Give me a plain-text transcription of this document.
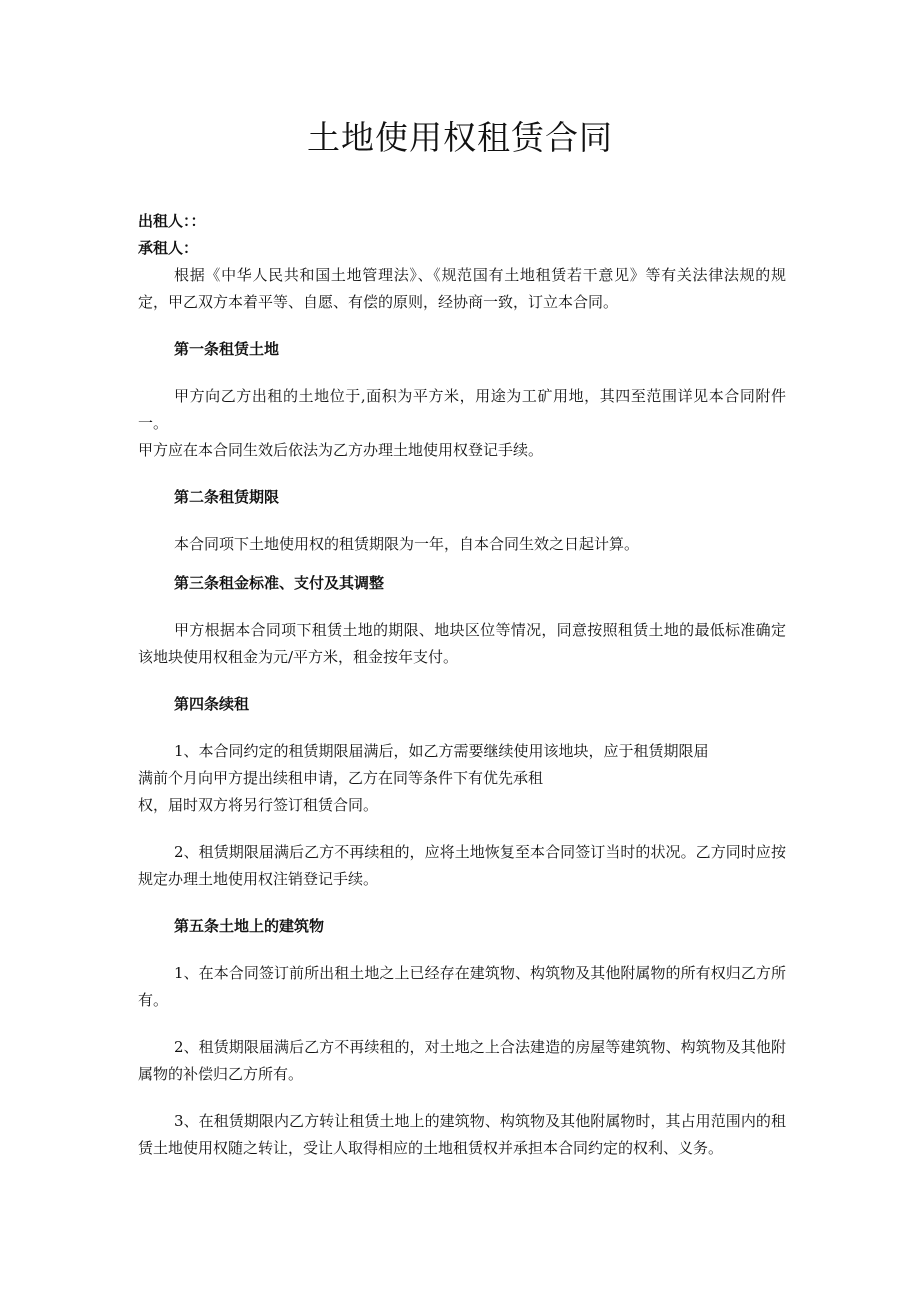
土地使用权租赁合同

出租人：：

承租人：

根据《中华人民共和国土地管理法》、《规范国有土地租赁若干意见》等有关法律法规的规定，甲乙双方本着平等、自愿、有偿的原则，经协商一致，订立本合同。

第一条租赁土地

甲方向乙方出租的土地位于,面积为平方米，用途为工矿用地，其四至范围详见本合同附件一。

甲方应在本合同生效后依法为乙方办理土地使用权登记手续。

第二条租赁期限

本合同项下土地使用权的租赁期限为一年，自本合同生效之日起计算。

第三条租金标准、支付及其调整

甲方根据本合同项下租赁土地的期限、地块区位等情况，同意按照租赁土地的最低标准确定该地块使用权租金为元/平方米，租金按年支付。

第四条续租

1、本合同约定的租赁期限届满后，如乙方需要继续使用该地块，应于租赁期限届

满前个月向甲方提出续租申请，乙方在同等条件下有优先承租

权，届时双方将另行签订租赁合同。

2、租赁期限届满后乙方不再续租的，应将土地恢复至本合同签订当时的状况。乙方同时应按规定办理土地使用权注销登记手续。

第五条土地上的建筑物

1、在本合同签订前所出租土地之上已经存在建筑物、构筑物及其他附属物的所有权归乙方所有。

2、租赁期限届满后乙方不再续租的，对土地之上合法建造的房屋等建筑物、构筑物及其他附属物的补偿归乙方所有。

3、在租赁期限内乙方转让租赁土地上的建筑物、构筑物及其他附属物时，其占用范围内的租赁土地使用权随之转让，受让人取得相应的土地租赁权并承担本合同约定的权利、义务。
